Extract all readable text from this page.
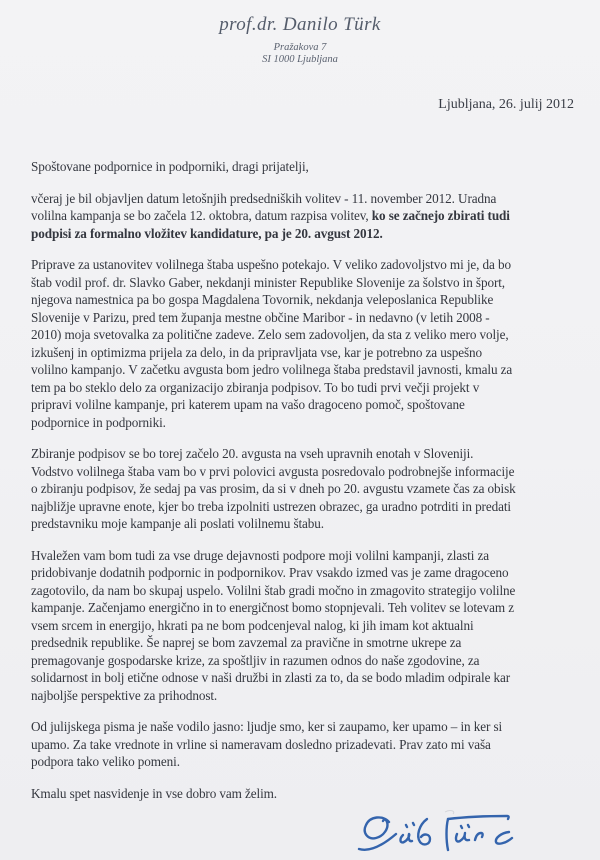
prof.dr. Danilo Türk
Pražakova 7
SI 1000 Ljubljana
Ljubljana, 26. julij 2012
Spoštovane podpornice in podporniki, dragi prijatelji,
včeraj je bil objavljen datum letošnjih predsedniških volitev - 11. november 2012. Uradna
volilna kampanja se bo začela 12. oktobra, datum razpisa volitev, ko se začnejo zbirati tudi
podpisi za formalno vložitev kandidature, pa je 20. avgust 2012.
Priprave za ustanovitev volilnega štaba uspešno potekajo. V veliko zadovoljstvo mi je, da bo
štab vodil prof. dr. Slavko Gaber, nekdanji minister Republike Slovenije za šolstvo in šport,
njegova namestnica pa bo gospa Magdalena Tovornik, nekdanja veleposlanica Republike
Slovenije v Parizu, pred tem županja mestne občine Maribor - in nedavno (v letih 2008 -
2010) moja svetovalka za politične zadeve. Zelo sem zadovoljen, da sta z veliko mero volje,
izkušenj in optimizma prijela za delo, in da pripravljata vse, kar je potrebno za uspešno
volilno kampanjo. V začetku avgusta bom jedro volilnega štaba predstavil javnosti, kmalu za
tem pa bo steklo delo za organizacijo zbiranja podpisov. To bo tudi prvi večji projekt v
pripravi volilne kampanje, pri katerem upam na vašo dragoceno pomoč, spoštovane
podpornice in podporniki.
Zbiranje podpisov se bo torej začelo 20. avgusta na vseh upravnih enotah v Sloveniji.
Vodstvo volilnega štaba vam bo v prvi polovici avgusta posredovalo podrobnejše informacije
o zbiranju podpisov, že sedaj pa vas prosim, da si v dneh po 20. avgustu vzamete čas za obisk
najbližje upravne enote, kjer bo treba izpolniti ustrezen obrazec, ga uradno potrditi in predati
predstavniku moje kampanje ali poslati volilnemu štabu.
Hvaležen vam bom tudi za vse druge dejavnosti podpore moji volilni kampanji, zlasti za
pridobivanje dodatnih podpornic in podpornikov. Prav vsakdo izmed vas je zame dragoceno
zagotovilo, da nam bo skupaj uspelo. Volilni štab gradi močno in zmagovito strategijo volilne
kampanje. Začenjamo energično in to energičnost bomo stopnjevali. Teh volitev se lotevam z
vsem srcem in energijo, hkrati pa ne bom podcenjeval nalog, ki jih imam kot aktualni
predsednik republike. Še naprej se bom zavzemal za pravične in smotrne ukrepe za
premagovanje gospodarske krize, za spoštljiv in razumen odnos do naše zgodovine, za
solidarnost in bolj etične odnose v naši družbi in zlasti za to, da se bodo mladim odpirale kar
najboljše perspektive za prihodnost.
Od julijskega pisma je naše vodilo jasno: ljudje smo, ker si zaupamo, ker upamo – in ker si
upamo. Za take vrednote in vrline si nameravam dosledno prizadevati. Prav zato mi vaša
podpora tako veliko pomeni.
Kmalu spet nasvidenje in vse dobro vam želim.
